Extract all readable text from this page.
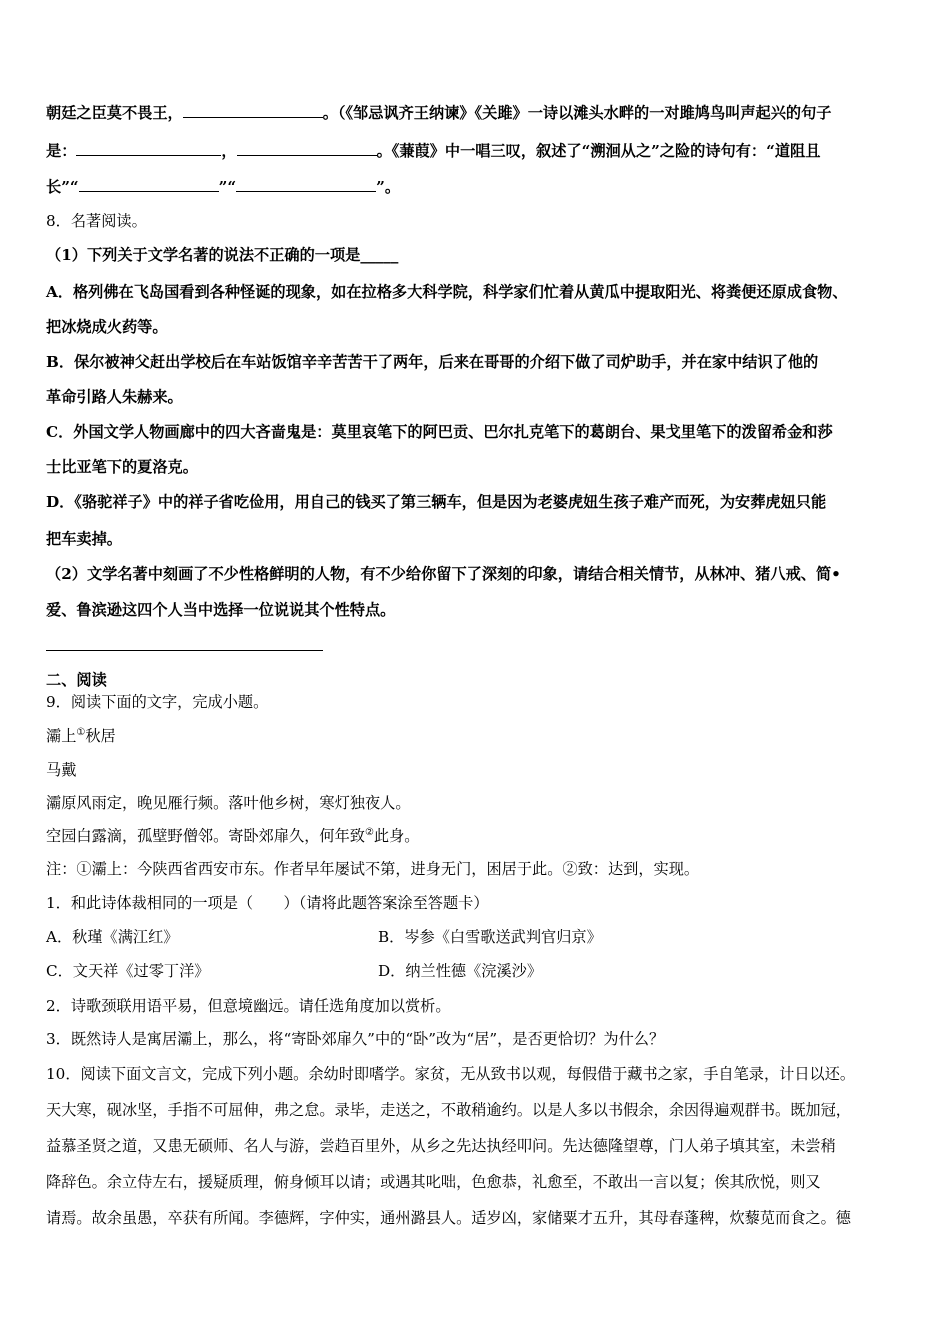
朝廷之臣莫不畏王，	。（《邹忌讽齐王纳谏》《关雎》一诗以滩头水畔的一对雎鸠鸟叫声起兴的句子
是：	，	。《蒹葭》中一唱三叹，叙述了“溯洄从之”之险的诗句有：“道阻且
长”“	”“	”。
8．名著阅读。
（1）下列关于文学名著的说法不正确的一项是_____
A．格列佛在飞岛国看到各种怪诞的现象，如在拉格多大科学院，科学家们忙着从黄瓜中提取阳光、将粪便还原成食物、
把冰烧成火药等。
B．保尔被神父赶出学校后在车站饭馆辛辛苦苦干了两年，后来在哥哥的介绍下做了司炉助手，并在家中结识了他的
革命引路人朱赫来。
C．外国文学人物画廊中的四大吝啬鬼是：莫里哀笔下的阿巴贡、巴尔扎克笔下的葛朗台、果戈里笔下的泼留希金和莎
士比亚笔下的夏洛克。
D．《骆驼祥子》中的祥子省吃俭用，用自己的钱买了第三辆车，但是因为老婆虎妞生孩子难产而死，为安葬虎妞只能
把车卖掉。
（2）文学名著中刻画了不少性格鲜明的人物，有不少给你留下了深刻的印象，请结合相关情节，从林冲、猪八戒、简•
爱、鲁滨逊这四个人当中选择一位说说其个性特点。
二、阅读
9．阅读下面的文字，完成小题。
灞上①秋居
马戴
灞原风雨定，晚见雁行频。落叶他乡树，寒灯独夜人。
空园白露滴，孤壁野僧邻。寄卧郊扉久，何年致②此身。
注：①灞上：今陕西省西安市东。作者早年屡试不第，进身无门，困居于此。②致：达到，实现。
1．和此诗体裁相同的一项是（　　）（请将此题答案涂至答题卡）
A．秋瑾《满江红》	B．岑参《白雪歌送武判官归京》
C．文天祥《过零丁洋》	D．纳兰性德《浣溪沙》
2．诗歌颈联用语平易，但意境幽远。请任选角度加以赏析。
3．既然诗人是寓居灞上，那么，将“寄卧郊扉久”中的“卧”改为“居”，是否更恰切？为什么？
10．阅读下面文言文，完成下列小题。余幼时即嗜学。家贫，无从致书以观，每假借于藏书之家，手自笔录，计日以还。
天大寒，砚冰坚，手指不可屈伸，弗之怠。录毕，走送之，不敢稍逾约。以是人多以书假余，余因得遍观群书。既加冠，
益慕圣贤之道，又患无硕师、名人与游，尝趋百里外，从乡之先达执经叩问。先达德隆望尊，门人弟子填其室，未尝稍
降辞色。余立侍左右，援疑质理，俯身倾耳以请；或遇其叱咄，色愈恭，礼愈至，不敢出一言以复；俟其欣悦，则又
请焉。故余虽愚，卒获有所闻。李德辉，字仲实，通州潞县人。适岁凶，家储粟才五升，其母春蓬稗，炊藜苋而食之。德
